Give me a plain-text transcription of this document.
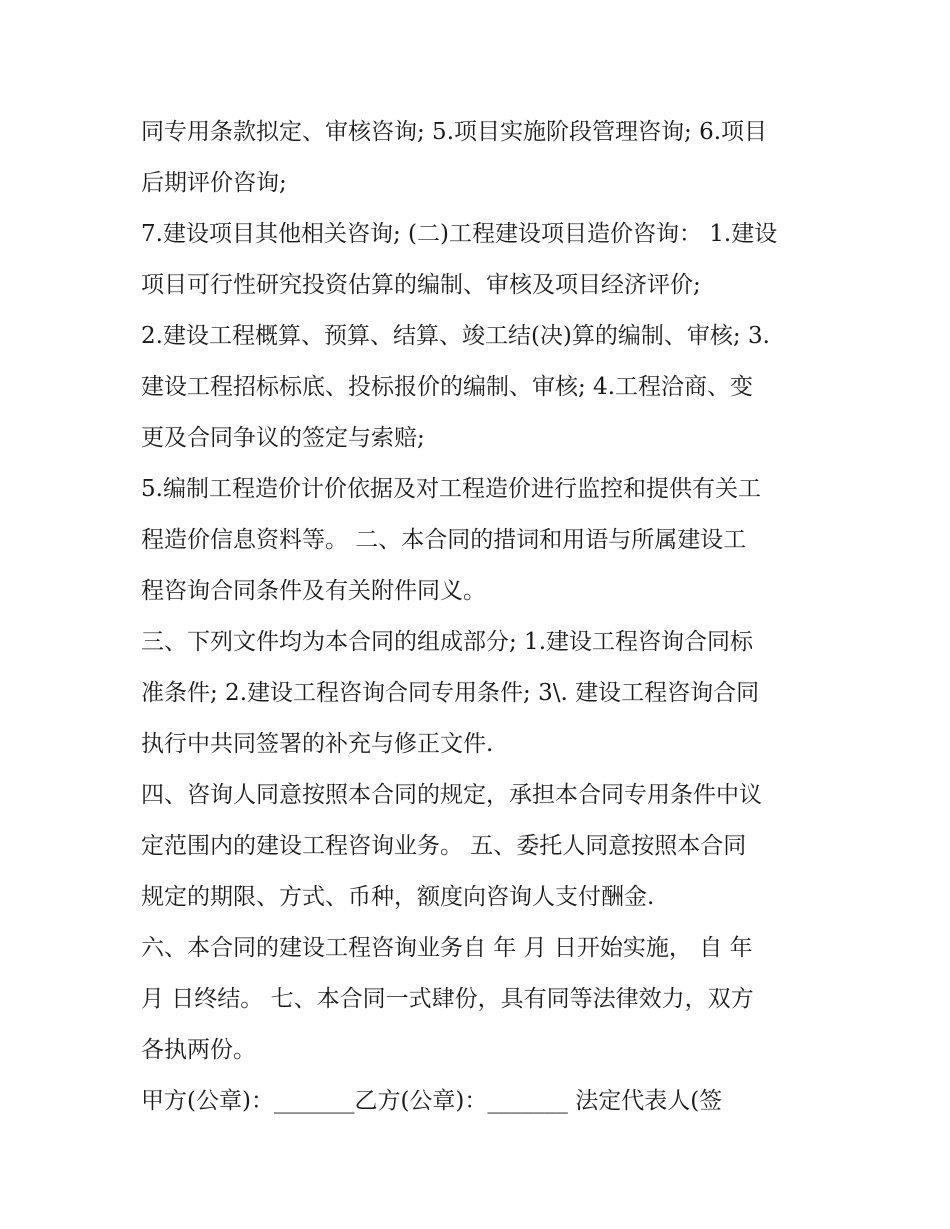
同专用条款拟定、审核咨询; 5.项目实施阶段管理咨询; 6.项目
后期评价咨询;
7.建设项目其他相关咨询; (二)工程建设项目造价咨询： 1.建设
项目可行性研究投资估算的编制、审核及项目经济评价;
2.建设工程概算、预算、结算、竣工结(决)算的编制、审核; 3.
建设工程招标标底、投标报价的编制、审核; 4.工程洽商、变
更及合同争议的签定与索赔;
5.编制工程造价计价依据及对工程造价进行监控和提供有关工
程造价信息资料等。 二、本合同的措词和用语与所属建设工
程咨询合同条件及有关附件同义。
三、下列文件均为本合同的组成部分; 1.建设工程咨询合同标
准条件; 2.建设工程咨询合同专用条件; 3\. 建设工程咨询合同
执行中共同签署的补充与修正文件.
四、咨询人同意按照本合同的规定，承担本合同专用条件中议
定范围内的建设工程咨询业务。 五、委托人同意按照本合同
规定的期限、方式、币种，额度向咨询人支付酬金.
六、本合同的建设工程咨询业务自 年 月 日开始实施， 自 年
月 日终结。 七、本合同一式肆份，具有同等法律效力，双方
各执两份。
甲方(公章)：_______乙方(公章)：_______ 法定代表人(签
